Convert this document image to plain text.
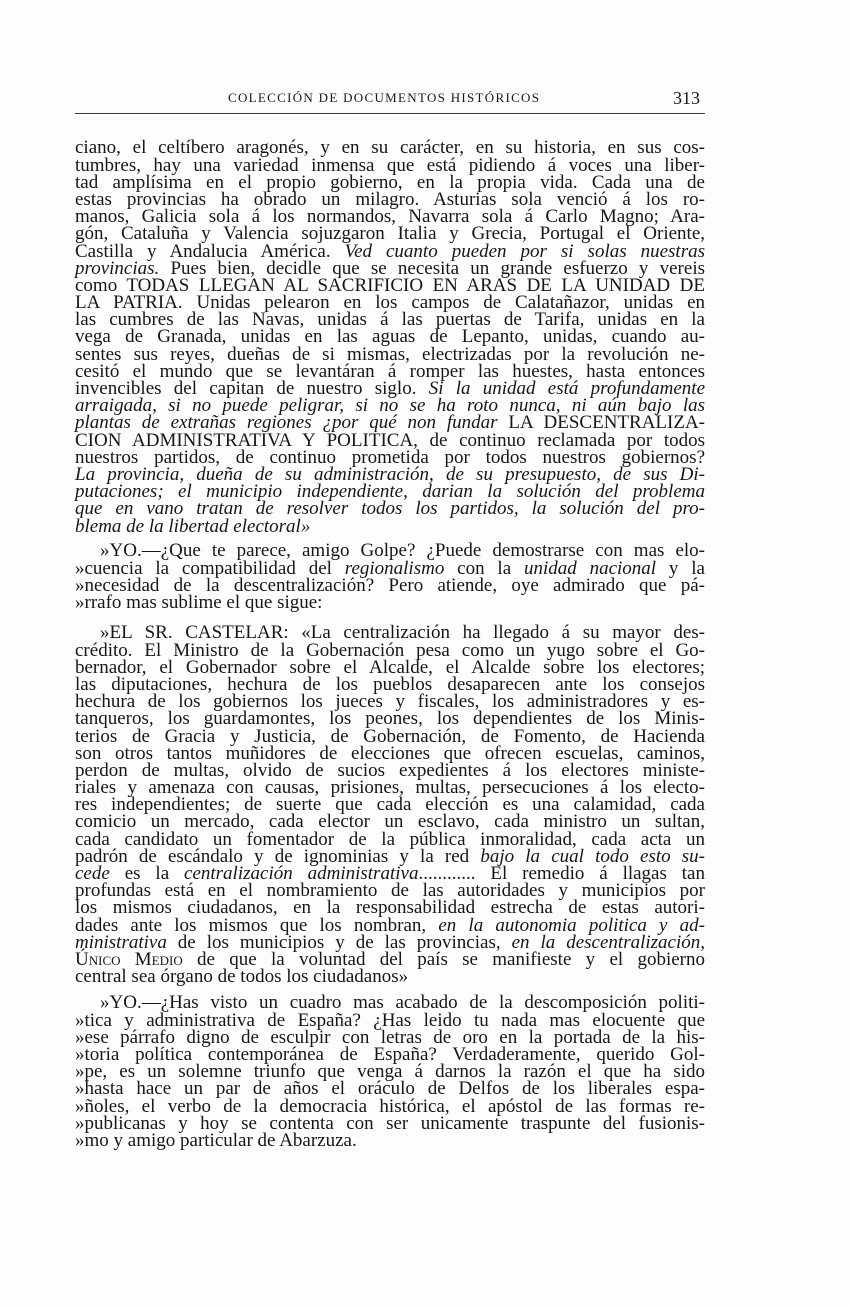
COLECCIÓN DE DOCUMENTOS HISTÓRICOS	313
ciano, el celtíbero aragonés, y en su carácter, en su historia, en sus cos-
tumbres, hay una variedad inmensa que está pidiendo á voces una liber-
tad amplísima en el propio gobierno, en la propia vida. Cada una de
estas provincias ha obrado un milagro. Asturias sola venció á los ro-
manos, Galicia sola á los normandos, Navarra sola á Carlo Magno; Ara-
gón, Cataluña y Valencia sojuzgaron Italia y Grecia, Portugal el Oriente,
Castilla y Andalucia América. Ved cuanto pueden por si solas nuestras
provincias. Pues bien, decidle que se necesita un grande esfuerzo y vereis
como TODAS LLEGAN AL SACRIFICIO EN ARAS DE LA UNIDAD DE
LA PATRIA. Unidas pelearon en los campos de Calatañazor, unidas en
las cumbres de las Navas, unidas á las puertas de Tarifa, unidas en la
vega de Granada, unidas en las aguas de Lepanto, unidas, cuando au-
sentes sus reyes, dueñas de si mismas, electrizadas por la revolución ne-
cesitó el mundo que se levantáran á romper las huestes, hasta entonces
invencibles del capitan de nuestro siglo. Si la unidad está profundamente
arraigada, si no puede peligrar, si no se ha roto nunca, ni aún bajo las
plantas de extrañas regiones ¿por qué non fundar LA DESCENTRALIZA-
CION ADMINISTRATIVA Y POLITICA, de continuo reclamada por todos
nuestros partidos, de continuo prometida por todos nuestros gobiernos?
La provincia, dueña de su administración, de su presupuesto, de sus Di-
putaciones; el municipio independiente, darian la solución del problema
que en vano tratan de resolver todos los partidos, la solución del pro-
blema de la libertad electoral»
»YO.—¿Que te parece, amigo Golpe? ¿Puede demostrarse con mas elo-
»cuencia la compatibilidad del regionalismo con la unidad nacional y la
»necesidad de la descentralización? Pero atiende, oye admirado que pá-
»rrafo mas sublime el que sigue:
»EL SR. CASTELAR: «La centralización ha llegado á su mayor des-
crédito. El Ministro de la Gobernación pesa como un yugo sobre el Go-
bernador, el Gobernador sobre el Alcalde, el Alcalde sobre los electores;
las diputaciones, hechura de los pueblos desaparecen ante los consejos
hechura de los gobiernos los jueces y fiscales, los administradores y es-
tanqueros, los guardamontes, los peones, los dependientes de los Minis-
terios de Gracia y Justicia, de Gobernación, de Fomento, de Hacienda
son otros tantos muñidores de elecciones que ofrecen escuelas, caminos,
perdon de multas, olvido de sucios expedientes á los electores ministe-
riales y amenaza con causas, prisiones, multas, persecuciones á los electo-
res independientes; de suerte que cada elección es una calamidad, cada
comicio un mercado, cada elector un esclavo, cada ministro un sultan,
cada candidato un fomentador de la pública inmoralidad, cada acta un
padrón de escándalo y de ignominias y la red bajo la cual todo esto su-
cede es la centralización administrativa............ El remedio á llagas tan
profundas está en el nombramiento de las autoridades y municipios por
los mismos ciudadanos, en la responsabilidad estrecha de estas autori-
dades ante los mismos que los nombran, en la autonomia politica y ad-
ministrativa de los municipios y de las provincias, en la descentralización,
Único Medio de que la voluntad del país se manifieste y el gobierno
central sea órgano de todos los ciudadanos»
»YO.—¿Has visto un cuadro mas acabado de la descomposición politi-
»tica y administrativa de España? ¿Has leido tu nada mas elocuente que
»ese párrafo digno de esculpir con letras de oro en la portada de la his-
»toria política contemporánea de España? Verdaderamente, querido Gol-
»pe, es un solemne triunfo que venga á darnos la razón el que ha sido
»hasta hace un par de años el oráculo de Delfos de los liberales espa-
»ñoles, el verbo de la democracia histórica, el apóstol de las formas re-
»publicanas y hoy se contenta con ser unicamente traspunte del fusionis-
»mo y amigo particular de Abarzuza.
